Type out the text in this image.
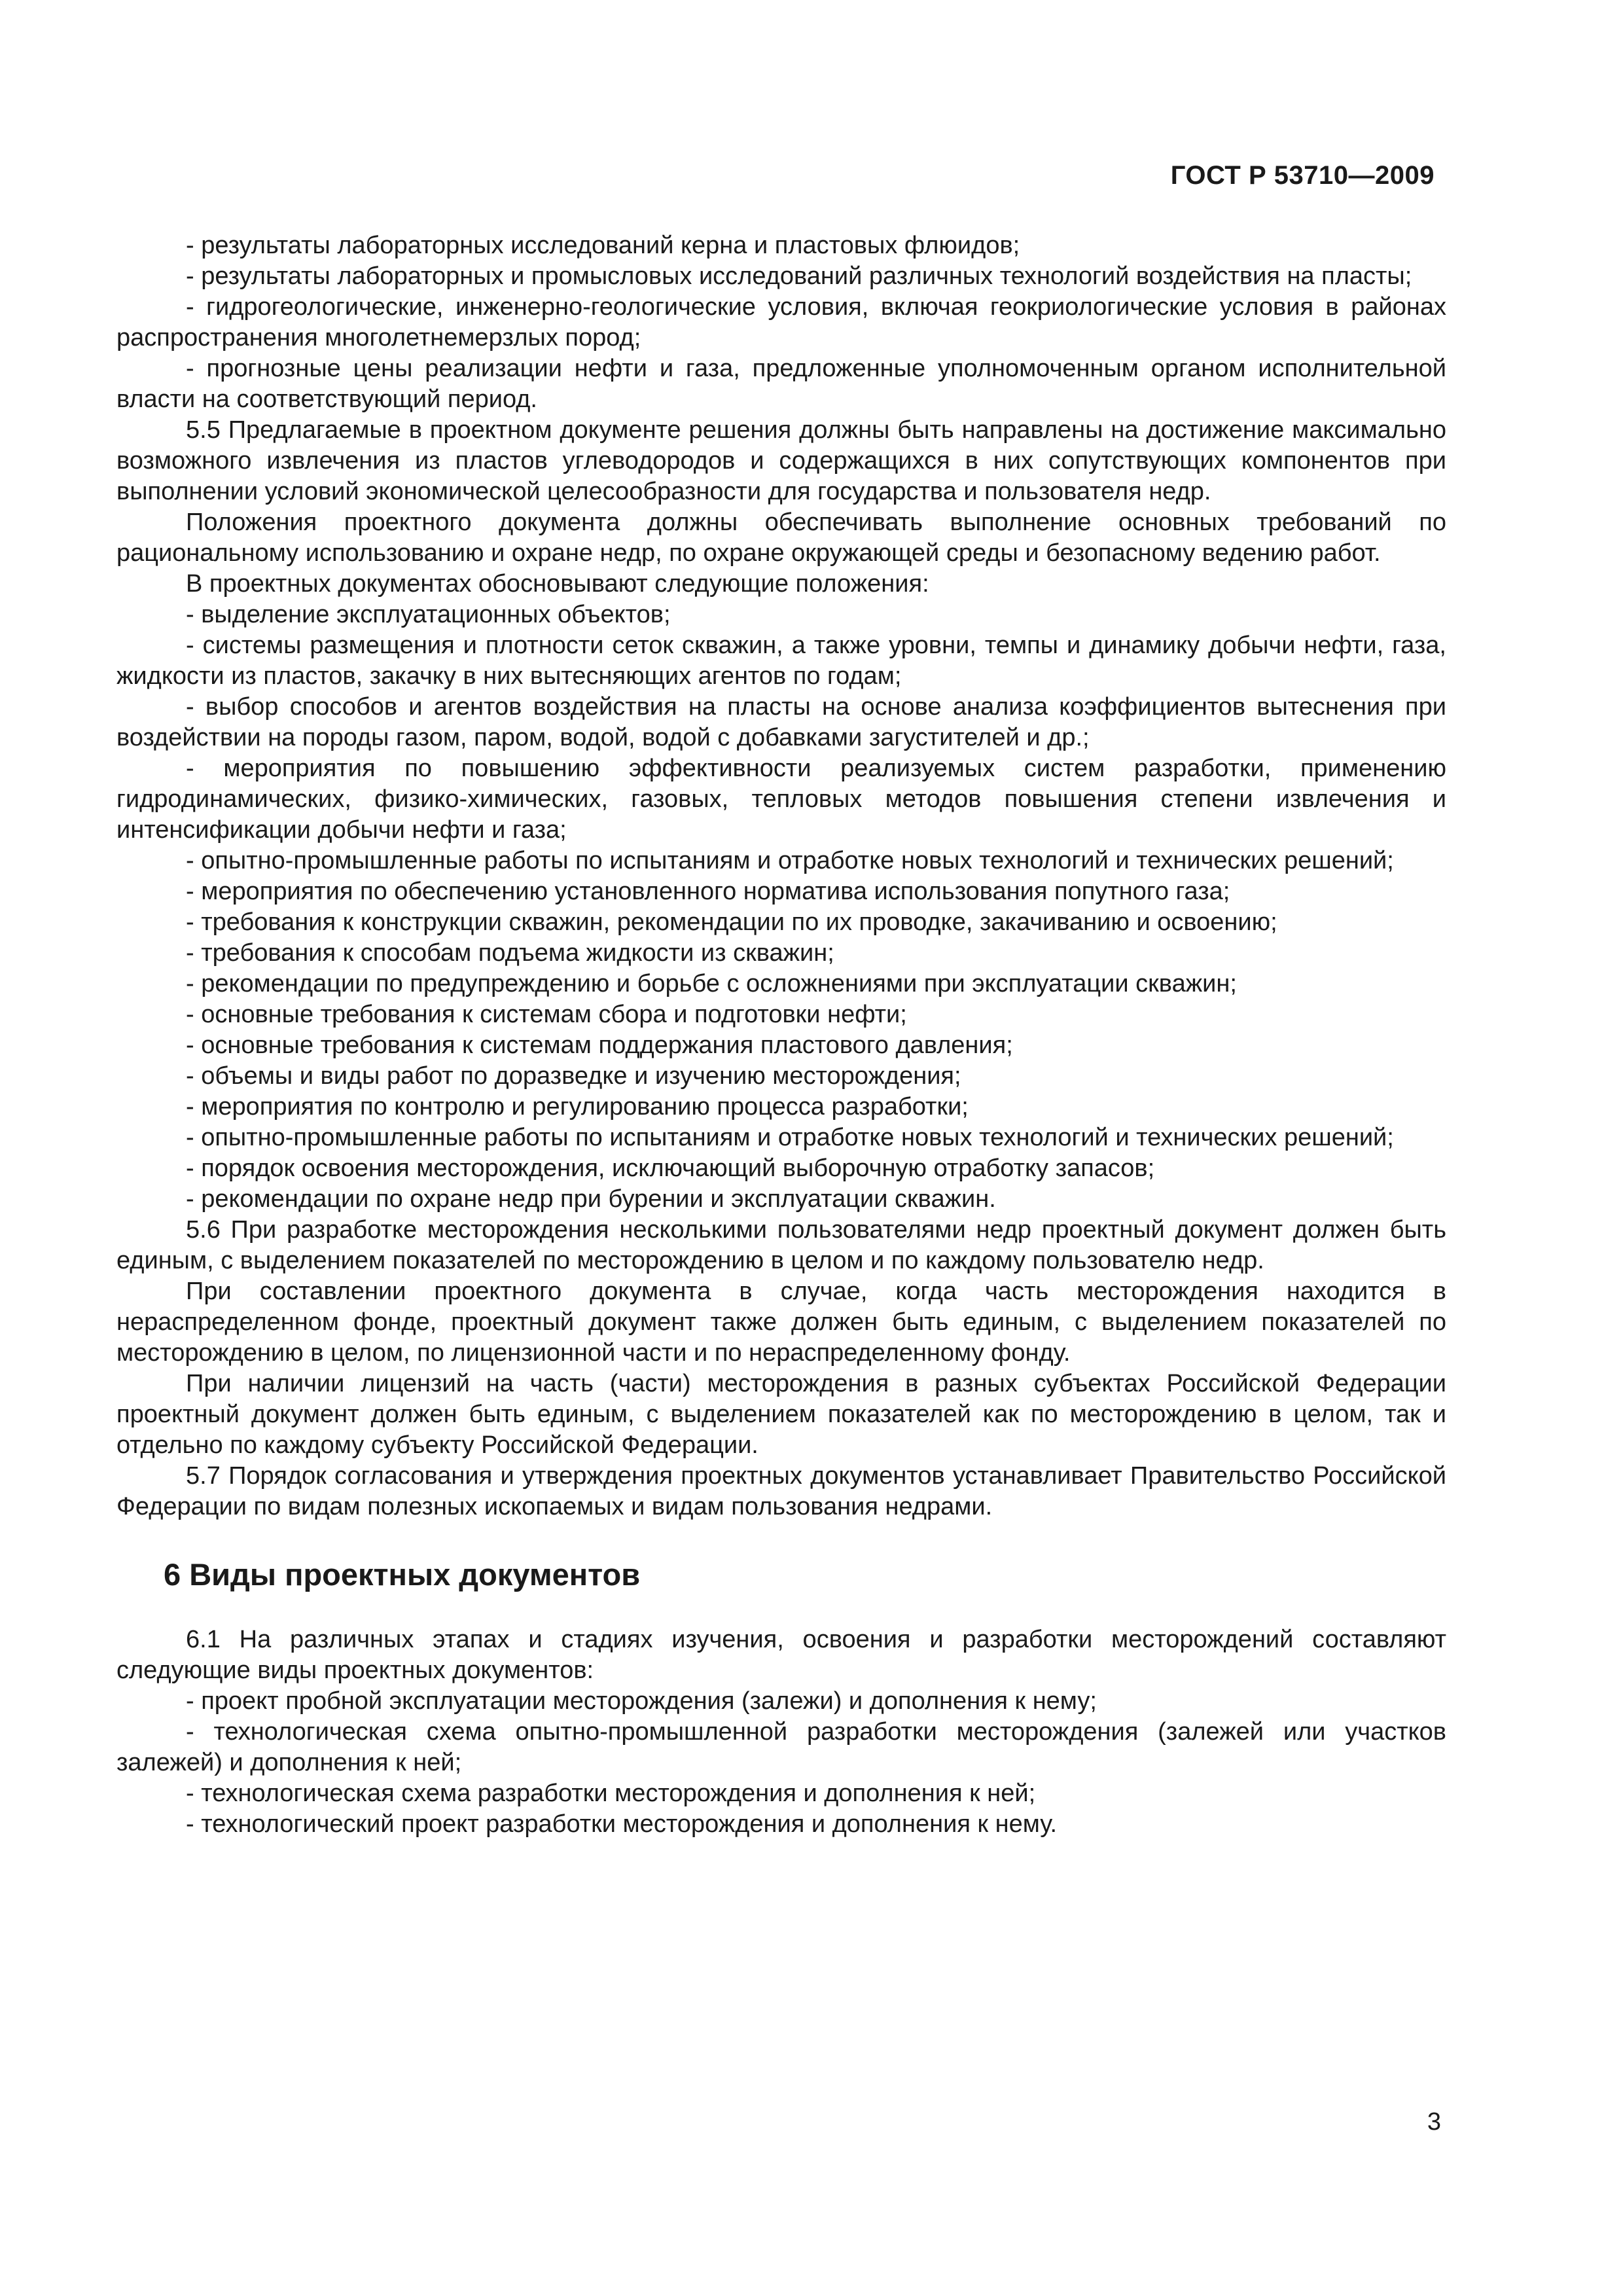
ГОСТ Р 53710—2009

- результаты лабораторных исследований керна и пластовых флюидов;

- результаты лабораторных и промысловых исследований различных технологий воздействия на пласты;

- гидрогеологические, инженерно-геологические условия, включая геокриологические условия в районах распространения многолетнемерзлых пород;

- прогнозные цены реализации нефти и газа, предложенные уполномоченным органом исполнительной власти на соответствующий период.

5.5 Предлагаемые в проектном документе решения должны быть направлены на достижение максимально возможного извлечения из пластов углеводородов и содержащихся в них сопутствующих компонентов при выполнении условий экономической целесообразности для государства и пользователя недр.

Положения проектного документа должны обеспечивать выполнение основных требований по рациональному использованию и охране недр, по охране окружающей среды и безопасному ведению работ.

В проектных документах обосновывают следующие положения:

- выделение эксплуатационных объектов;

- системы размещения и плотности сеток скважин, а также уровни, темпы и динамику добычи нефти, газа, жидкости из пластов, закачку в них вытесняющих агентов по годам;

- выбор способов и агентов воздействия на пласты на основе анализа коэффициентов вытеснения при воздействии на породы газом, паром, водой, водой с добавками загустителей и др.;

- мероприятия по повышению эффективности реализуемых систем разработки, применению гидродинамических, физико-химических, газовых, тепловых методов повышения степени извлечения и интенсификации добычи нефти и газа;

- опытно-промышленные работы по испытаниям и отработке новых технологий и технических решений;

- мероприятия по обеспечению установленного норматива использования попутного газа;

- требования к конструкции скважин, рекомендации по их проводке, закачиванию и освоению;

- требования к способам подъема жидкости из скважин;

- рекомендации по предупреждению и борьбе с осложнениями при эксплуатации скважин;

- основные требования к системам сбора и подготовки нефти;

- основные требования к системам поддержания пластового давления;

- объемы и виды работ по доразведке и изучению месторождения;

- мероприятия по контролю и регулированию процесса разработки;

- опытно-промышленные работы по испытаниям и отработке новых технологий и технических решений;

- порядок освоения месторождения, исключающий выборочную отработку запасов;

- рекомендации по охране недр при бурении и эксплуатации скважин.

5.6 При разработке месторождения несколькими пользователями недр проектный документ должен быть единым, с выделением показателей по месторождению в целом и по каждому пользователю недр.

При составлении проектного документа в случае, когда часть месторождения находится в нераспределенном фонде, проектный документ также должен быть единым, с выделением показателей по месторождению в целом, по лицензионной части и по нераспределенному фонду.

При наличии лицензий на часть (части) месторождения в разных субъектах Российской Федерации проектный документ должен быть единым, с выделением показателей как по месторождению в целом, так и отдельно по каждому субъекту Российской Федерации.

5.7 Порядок согласования и утверждения проектных документов устанавливает Правительство Российской Федерации по видам полезных ископаемых и видам пользования недрами.

6 Виды проектных документов

6.1 На различных этапах и стадиях изучения, освоения и разработки месторождений составляют следующие виды проектных документов:

- проект пробной эксплуатации месторождения (залежи) и дополнения к нему;

- технологическая схема опытно-промышленной разработки месторождения (залежей или участков залежей) и дополнения к ней;

- технологическая схема разработки месторождения и дополнения к ней;

- технологический проект разработки месторождения и дополнения к нему.

3
